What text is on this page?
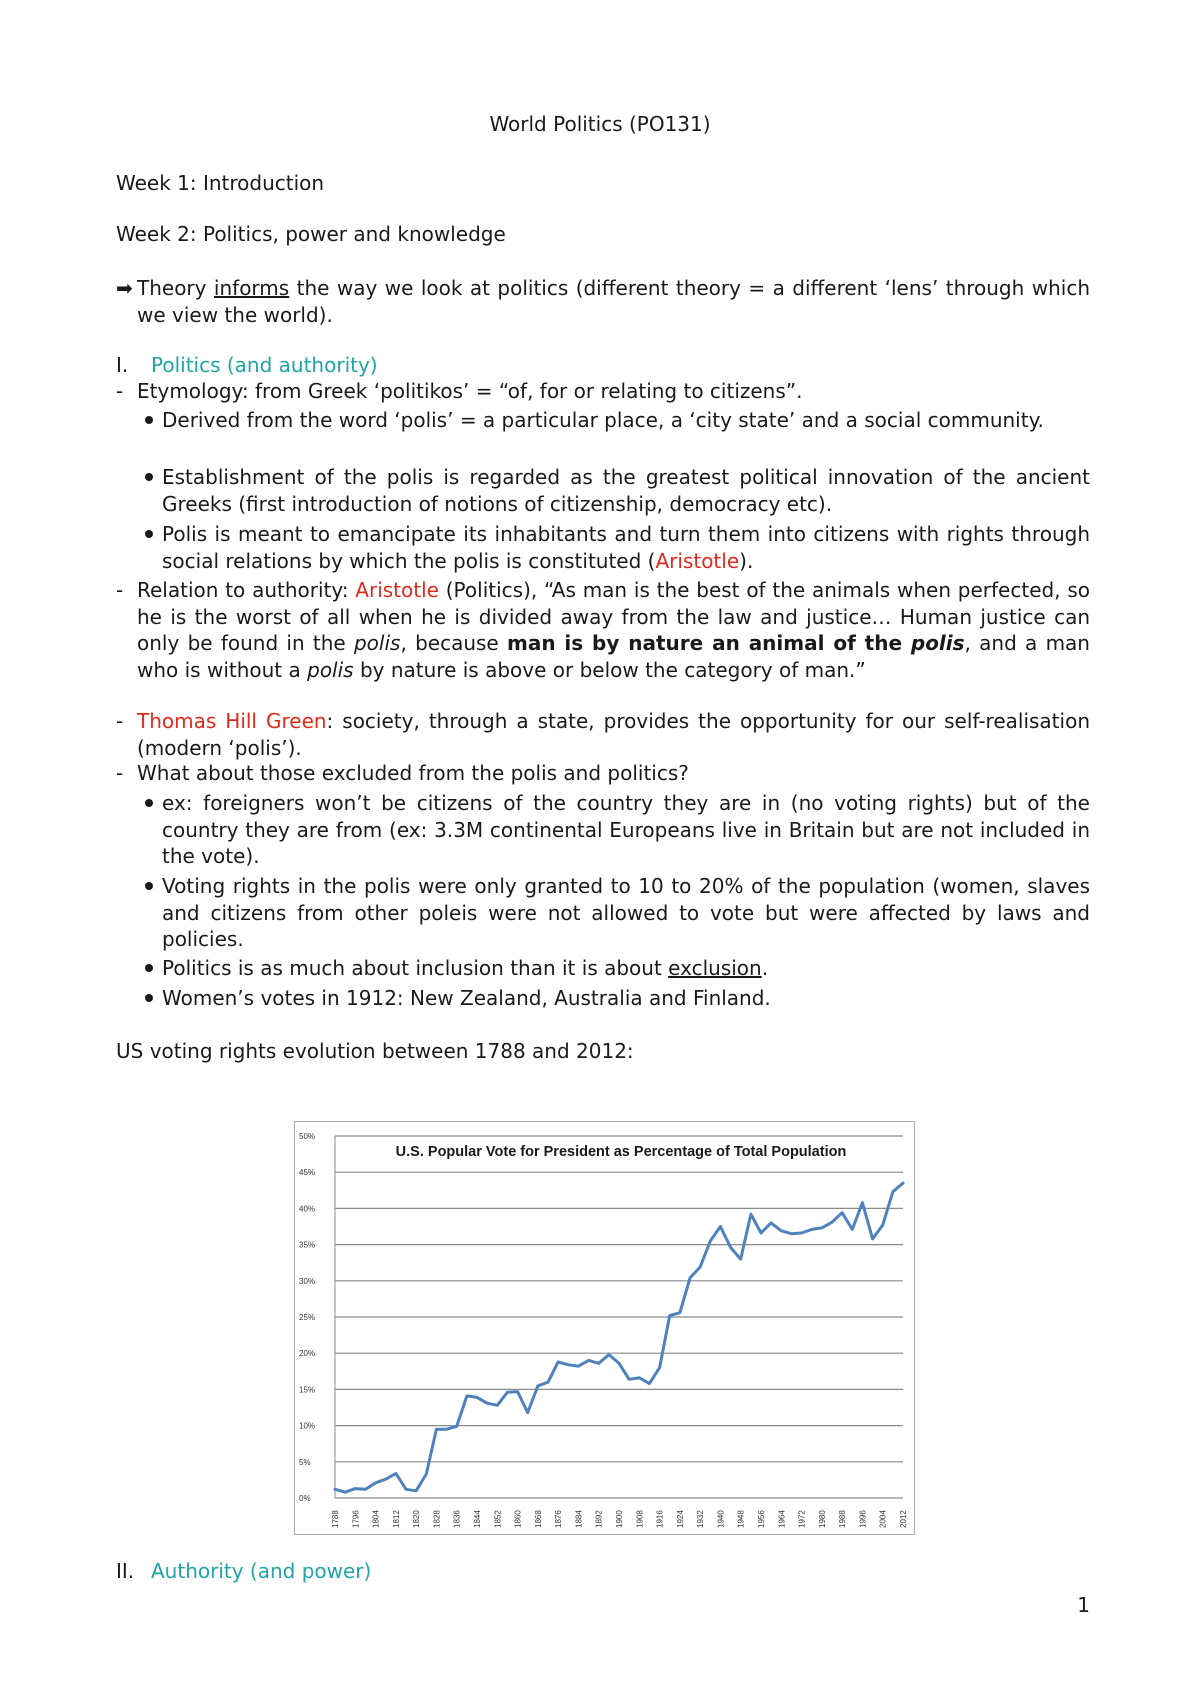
World Politics (PO131)
Week 1: Introduction
Week 2: Politics, power and knowledge
➡ Theory informs the way we look at politics (different theory = a different ‘lens’ through which we view the world).
I. Politics (and authority)
- Etymology: from Greek ‘politikos’ = “of, for or relating to citizens”.
Derived from the word ‘polis’ = a particular place, a ‘city state’ and a social community.
Establishment of the polis is regarded as the greatest political innovation of the ancient Greeks (first introduction of notions of citizenship, democracy etc).
Polis is meant to emancipate its inhabitants and turn them into citizens with rights through social relations by which the polis is constituted (Aristotle).
- Relation to authority: Aristotle (Politics), “As man is the best of the animals when perfected, so he is the worst of all when he is divided away from the law and justice… Human justice can only be found in the polis, because man is by nature an animal of the polis, and a man who is without a polis by nature is above or below the category of man.”
- Thomas Hill Green: society, through a state, provides the opportunity for our self-realisation (modern ‘polis’).
- What about those excluded from the polis and politics?
ex: foreigners won’t be citizens of the country they are in (no voting rights) but of the country they are from (ex: 3.3M continental Europeans live in Britain but are not included in the vote).
Voting rights in the polis were only granted to 10 to 20% of the population (women, slaves and citizens from other poleis were not allowed to vote but were affected by laws and policies.
Politics is as much about inclusion than it is about exclusion.
Women’s votes in 1912: New Zealand, Australia and Finland.
US voting rights evolution between 1788 and 2012:
0%
5%
10%
15%
20%
25%
30%
35%
40%
45%
50%
1788 1796 1804 1812 1820 1828 1836 1844 1852 1860 1868 1876 1884 1892 1900 1908 1916 1924 1932 1940 1948 1956 1964 1972 1980 1988 1996 2004 2012
U.S. Popular Vote for President as Percentage of Total Population
II. Authority (and power)
1
